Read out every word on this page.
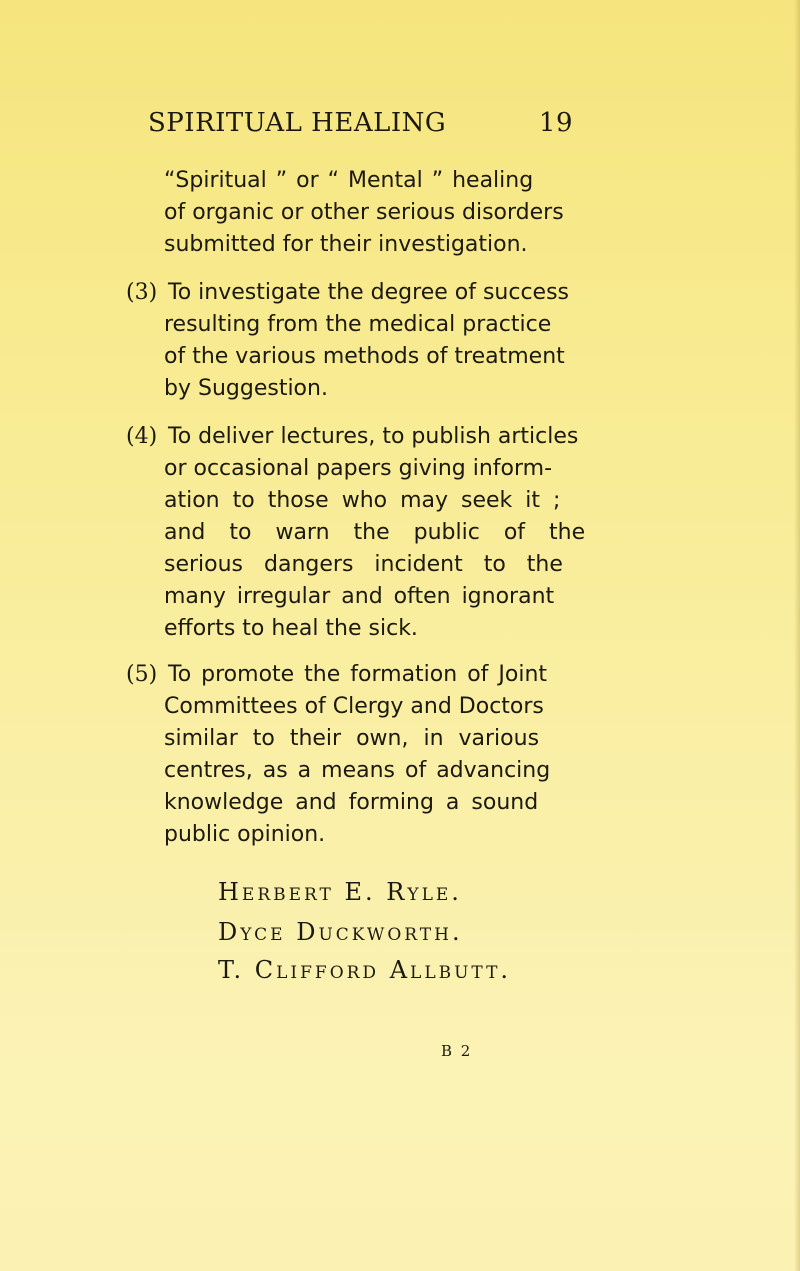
SPIRITUAL HEALING	19
“Spiritual ” or “ Mental ” healing
of organic or other serious disorders
submitted for their investigation.
(3) To investigate the degree of success
resulting from the medical practice
of the various methods of treatment
by Suggestion.
(4) To deliver lectures, to publish articles
or occasional papers giving inform-
ation to those who may seek it ;
and to warn the public of the
serious dangers incident to the
many irregular and often ignorant
efforts to heal the sick.
(5) To promote the formation of Joint
Committees of Clergy and Doctors
similar to their own, in various
centres, as a means of advancing
knowledge and forming a sound
public opinion.
Herbert E. Ryle.
Dyce Duckworth.
T. Clifford Allbutt.
B 2
